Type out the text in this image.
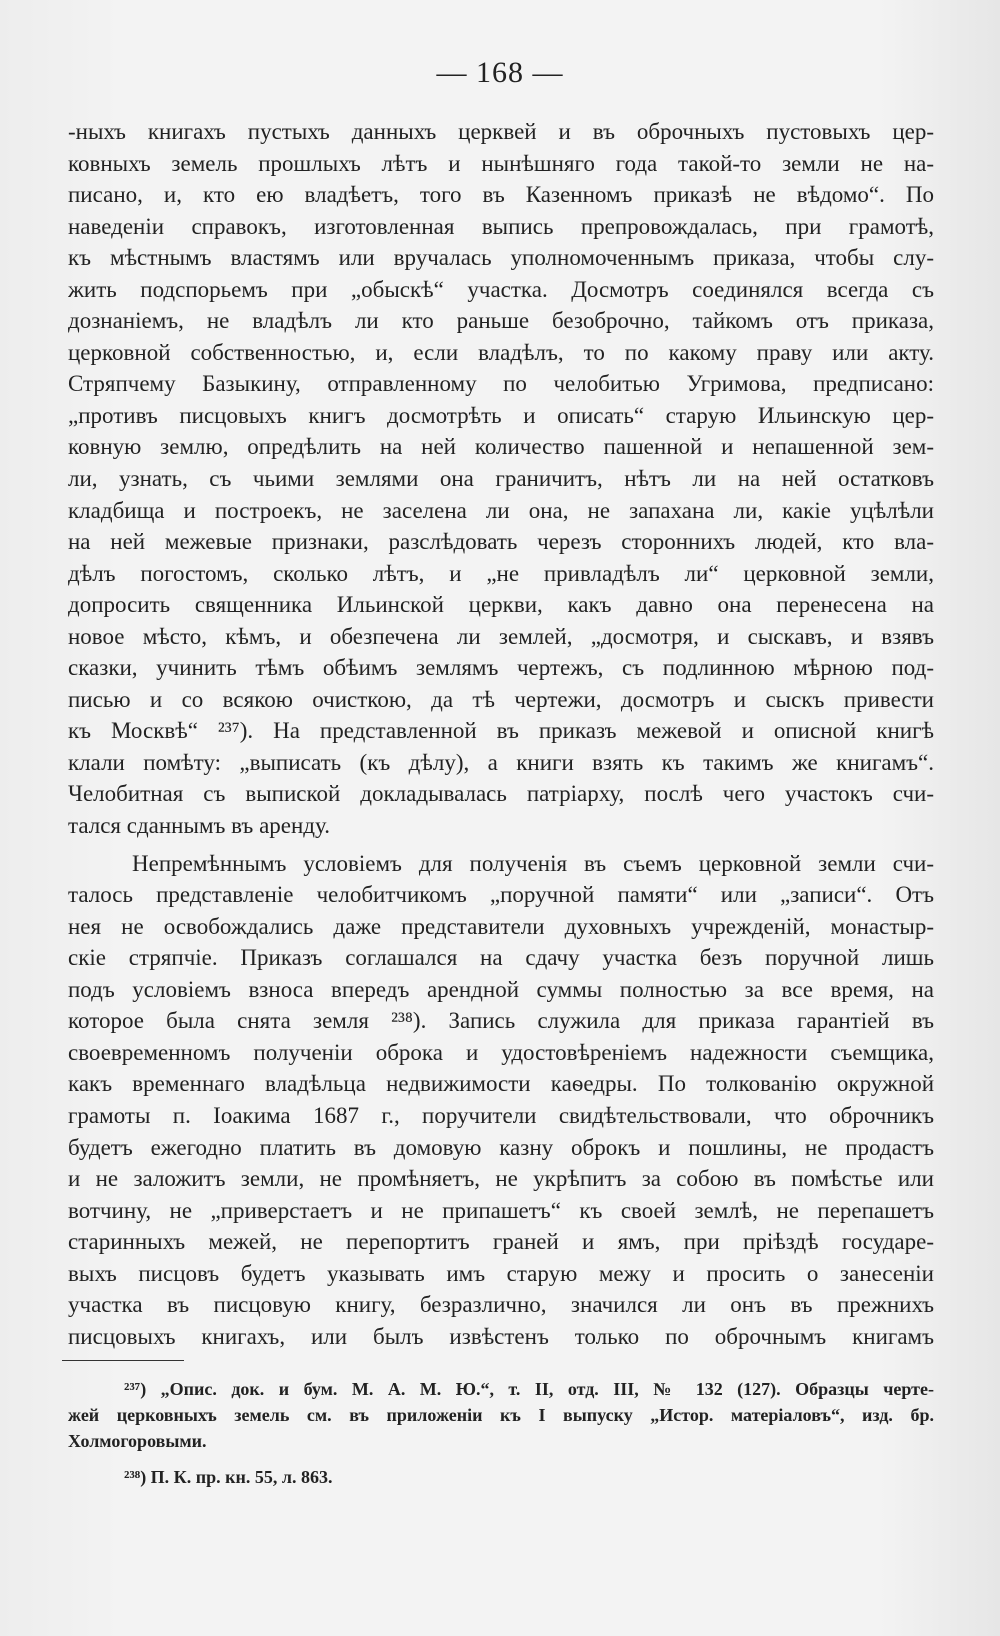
— 168 —
-ныхъ книгахъ пустыхъ данныхъ церквей и въ оброчныхъ пустовыхъ цер-
ковныхъ земель прошлыхъ лѣтъ и нынѣшняго года такой-то земли не на-
писано, и, кто ею владѣетъ, того въ Казенномъ приказѣ не вѣдомо“. По
наведеніи справокъ, изготовленная выпись препровождалась, при грамотѣ,
къ мѣстнымъ властямъ или вручалась уполномоченнымъ приказа, чтобы слу-
жить подспорьемъ при „обыскѣ“ участка. Досмотръ соединялся всегда съ
дознаніемъ, не владѣлъ ли кто раньше безоброчно, тайкомъ отъ приказа,
церковной собственностью, и, если владѣлъ, то по какому праву или акту.
Стряпчему Базыкину, отправленному по челобитью Угримова, предписано:
„противъ писцовыхъ книгъ досмотрѣть и описать“ старую Ильинскую цер-
ковную землю, опредѣлить на ней количество пашенной и непашенной зем-
ли, узнать, съ чьими землями она граничитъ, нѣтъ ли на ней остатковъ
кладбища и построекъ, не заселена ли она, не запахана ли, какіе уцѣлѣли
на ней межевые признаки, разслѣдовать черезъ стороннихъ людей, кто вла-
дѣлъ погостомъ, сколько лѣтъ, и „не привладѣлъ ли“ церковной земли,
допросить священника Ильинской церкви, какъ давно она перенесена на
новое мѣсто, кѣмъ, и обезпечена ли землей, „досмотря, и сыскавъ, и взявъ
сказки, учинить тѣмъ обѣимъ землямъ чертежъ, съ подлинною мѣрною под-
писью и со всякою очисткою, да тѣ чертежи, досмотръ и сыскъ привести
къ Москвѣ“ ²³⁷). На представленной въ приказъ межевой и описной книгѣ
клали помѣту: „выписать (къ дѣлу), а книги взять къ такимъ же книгамъ“.
Челобитная съ выпиской докладывалась патріарху, послѣ чего участокъ счи-
тался сданнымъ въ аренду.
Непремѣннымъ условіемъ для полученія въ съемъ церковной земли счи-
талось представленіе челобитчикомъ „поручной памяти“ или „записи“. Отъ
нея не освобождались даже представители духовныхъ учрежденій, монастыр-
скіе стряпчіе. Приказъ соглашался на сдачу участка безъ поручной лишь
подъ условіемъ взноса впередъ арендной суммы полностью за все время, на
которое была снята земля ²³⁸). Запись служила для приказа гарантіей въ
своевременномъ полученіи оброка и удостовѣреніемъ надежности съемщика,
какъ временнаго владѣльца недвижимости каѳедры. По толкованію окружной
грамоты п. Іоакима 1687 г., поручители свидѣтельствовали, что оброчникъ
будетъ ежегодно платить въ домовую казну оброкъ и пошлины, не продастъ
и не заложитъ земли, не промѣняетъ, не укрѣпитъ за собою въ помѣстье или
вотчину, не „приверстаетъ и не припашетъ“ къ своей землѣ, не перепашетъ
старинныхъ межей, не перепортитъ граней и ямъ, при пріѣздѣ государе-
выхъ писцовъ будетъ указывать имъ старую межу и просить о занесеніи
участка въ писцовую книгу, безразлично, значился ли онъ въ прежнихъ
писцовыхъ книгахъ, или былъ извѣстенъ только по оброчнымъ книгамъ
²³⁷) „Опис. док. и бум. М. А. М. Ю.“, т. II, отд. III, № 132 (127). Образцы черте-
жей церковныхъ земель см. въ приложеніи къ I выпуску „Истор. матеріаловъ“, изд. бр.
Холмогоровыми.
²³⁸) П. К. пр. кн. 55, л. 863.
